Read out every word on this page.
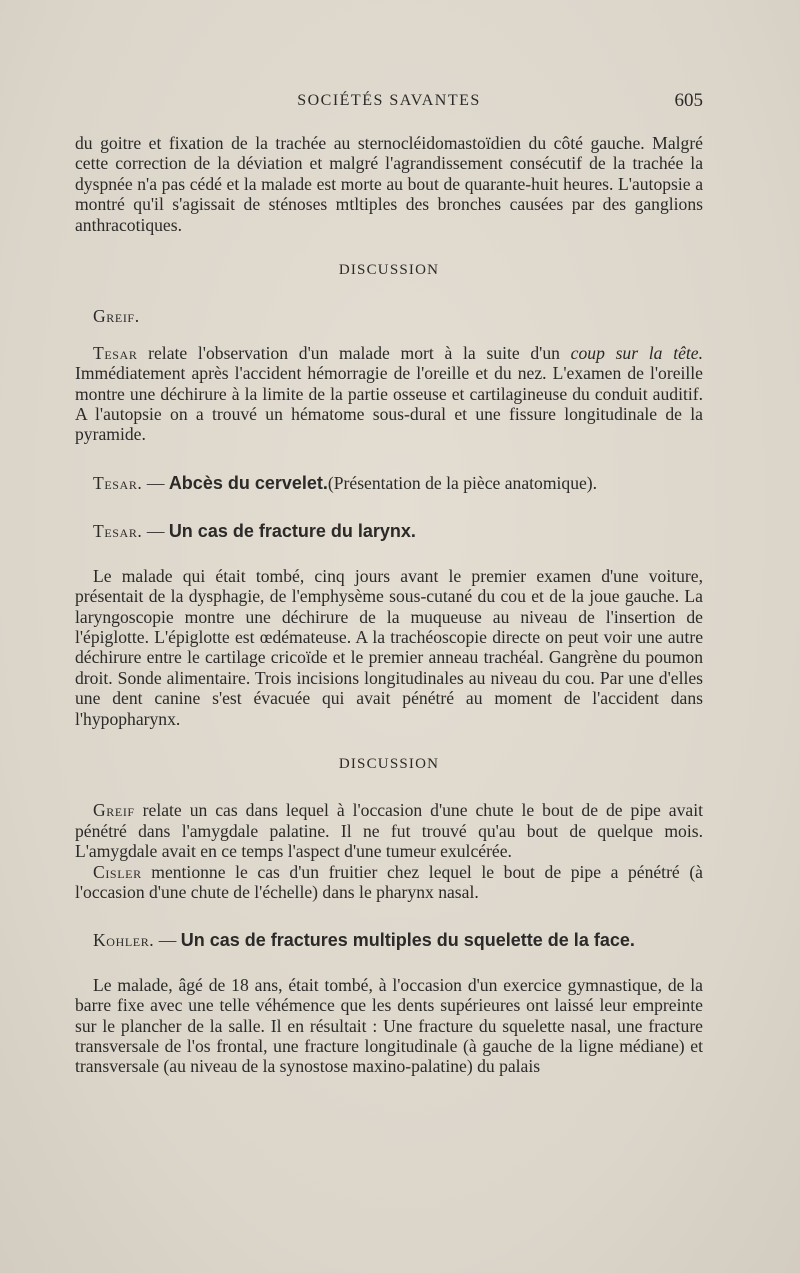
SOCIÉTÉS SAVANTES	605

du goitre et fixation de la trachée au sternocléidomastoïdien du côté gauche. Malgré cette correction de la déviation et malgré l'agrandissement consécutif de la trachée la dyspnée n'a pas cédé et la malade est morte au bout de quarante-huit heures. L'autopsie a montré qu'il s'agissait de sténoses mtltiples des bronches causées par des ganglions anthracotiques.

DISCUSSION

Greif.

Tesar relate l'observation d'un malade mort à la suite d'un coup sur la tête. Immédiatement après l'accident hémorragie de l'oreille et du nez. L'examen de l'oreille montre une déchirure à la limite de la partie osseuse et cartilagineuse du conduit auditif. A l'autopsie on a trouvé un hématome sous-dural et une fissure longitudinale de la pyramide.

Tesar. — Abcès du cervelet.(Présentation de la pièce anatomique).

Tesar. — Un cas de fracture du larynx.

Le malade qui était tombé, cinq jours avant le premier examen d'une voiture, présentait de la dysphagie, de l'emphysème sous-cutané du cou et de la joue gauche. La laryngoscopie montre une déchirure de la muqueuse au niveau de l'insertion de l'épiglotte. L'épiglotte est œdémateuse. A la trachéoscopie directe on peut voir une autre déchirure entre le cartilage cricoïde et le premier anneau trachéal. Gangrène du poumon droit. Sonde alimentaire. Trois incisions longitudinales au niveau du cou. Par une d'elles une dent canine s'est évacuée qui avait pénétré au moment de l'accident dans l'hypopharynx.

DISCUSSION

Greif relate un cas dans lequel à l'occasion d'une chute le bout de de pipe avait pénétré dans l'amygdale palatine. Il ne fut trouvé qu'au bout de quelque mois. L'amygdale avait en ce temps l'aspect d'une tumeur exulcérée.

Cisler mentionne le cas d'un fruitier chez lequel le bout de pipe a pénétré (à l'occasion d'une chute de l'échelle) dans le pharynx nasal.

Kohler. — Un cas de fractures multiples du squelette de la face.

Le malade, âgé de 18 ans, était tombé, à l'occasion d'un exercice gymnastique, de la barre fixe avec une telle véhémence que les dents supérieures ont laissé leur empreinte sur le plancher de la salle. Il en résultait : Une fracture du squelette nasal, une fracture transversale de l'os frontal, une fracture longitudinale (à gauche de la ligne médiane) et transversale (au niveau de la synostose maxino-palatine) du palais
